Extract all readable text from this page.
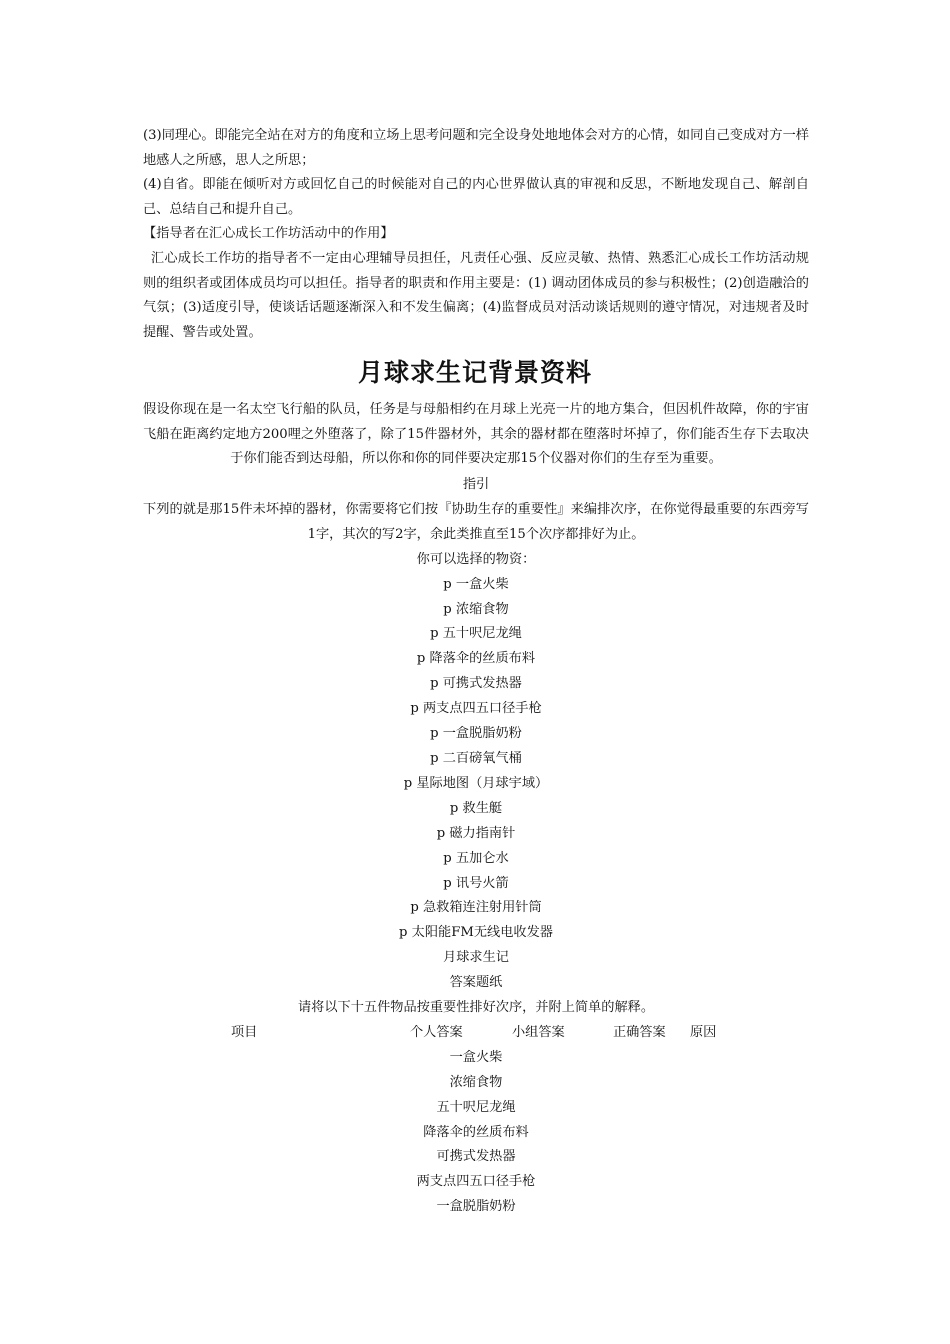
(3)同理心。即能完全站在对方的角度和立场上思考问题和完全设身处地地体会对方的心情，如同自己变成对方一样地感人之所感，思人之所思；

(4)自省。即能在倾听对方或回忆自己的时候能对自己的内心世界做认真的审视和反思，不断地发现自己、解剖自己、总结自己和提升自己。

【指导者在汇心成长工作坊活动中的作用】

汇心成长工作坊的指导者不一定由心理辅导员担任，凡责任心强、反应灵敏、热情、熟悉汇心成长工作坊活动规则的组织者或团体成员均可以担任。指导者的职责和作用主要是：(1) 调动团体成员的参与积极性；(2)创造融洽的气氛；(3)适度引导，使谈话话题逐渐深入和不发生偏离；(4)监督成员对活动谈话规则的遵守情况，对违规者及时提醒、警告或处置。

月球求生记背景资料

假设你现在是一名太空飞行船的队员，任务是与母船相约在月球上光亮一片的地方集合，但因机件故障，你的宇宙飞船在距离约定地方200哩之外堕落了，除了15件器材外，其余的器材都在堕落时坏掉了，你们能否生存下去取决于你们能否到达母船，所以你和你的同伴要决定那15个仪器对你们的生存至为重要。

指引
下列的就是那15件未坏掉的器材，你需要将它们按『协助生存的重要性』来编排次序，在你觉得最重要的东西旁写1字，其次的写2字，余此类推直至15个次序都排好为止。
你可以选择的物资：
p 一盒火柴
p 浓缩食物
p 五十呎尼龙绳
p 降落伞的丝质布料
p 可携式发热器
p 两支点四五口径手枪
p 一盒脱脂奶粉
p 二百磅氧气桶
p 星际地图（月球宇域）
p 救生艇
p 磁力指南针
p 五加仑水
p 讯号火箭
p 急救箱连注射用针筒
p 太阳能FM无线电收发器
月球求生记
答案题纸
请将以下十五件物品按重要性排好次序，并附上简单的解释。
项目	个人答案	小组答案	正确答案 原因
一盒火柴
浓缩食物
五十呎尼龙绳
降落伞的丝质布料
可携式发热器
两支点四五口径手枪
一盒脱脂奶粉
